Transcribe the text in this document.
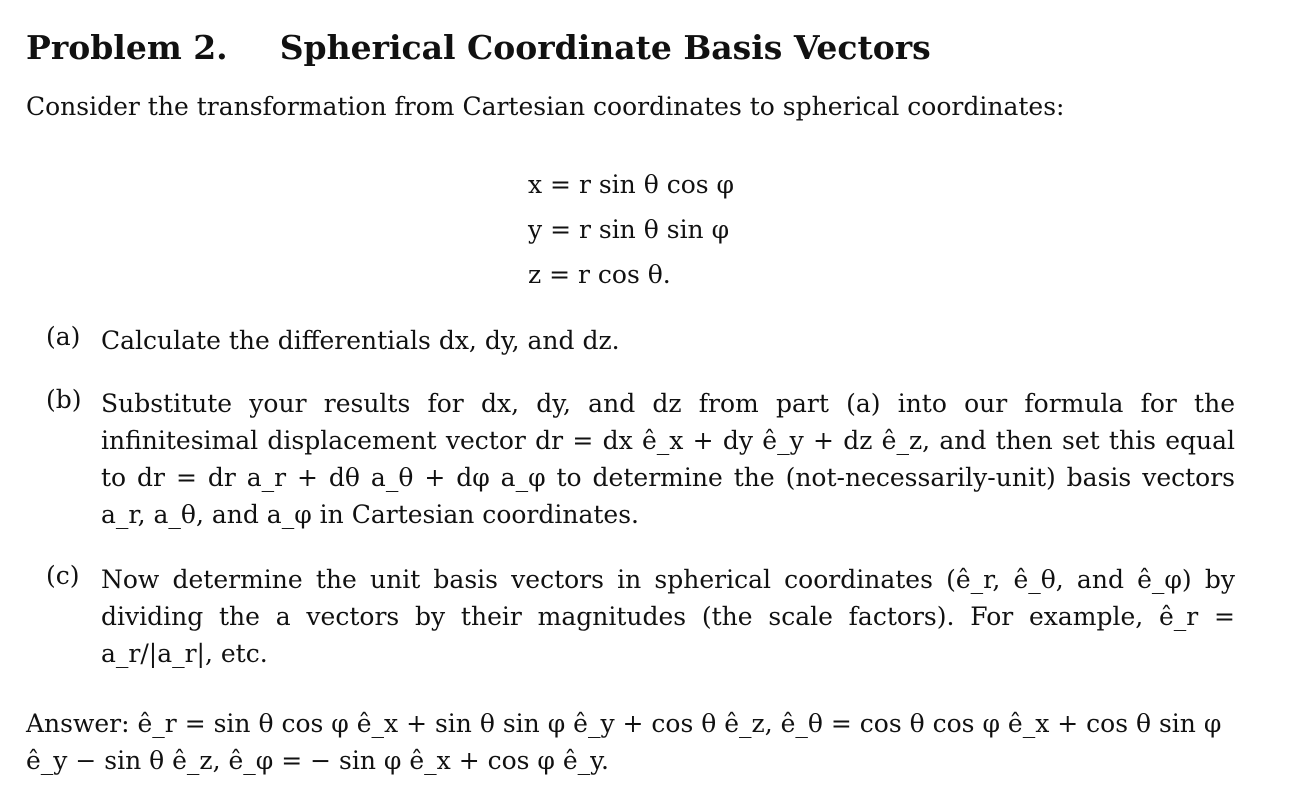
Problem 2. Spherical Coordinate Basis Vectors
Consider the transformation from Cartesian coordinates to spherical coordinates:
x = r sin θ cos φ
y = r sin θ sin φ
z = r cos θ.
(a) Calculate the differentials dx, dy, and dz.
(b) Substitute your results for dx, dy, and dz from part (a) into our formula for the infinitesimal displacement vector dr = dx ê_x + dy ê_y + dz ê_z, and then set this equal to dr = dr a_r + dθ a_θ + dφ a_φ to determine the (not-necessarily-unit) basis vectors a_r, a_θ, and a_φ in Cartesian coordinates.
(c) Now determine the unit basis vectors in spherical coordinates (ê_r, ê_θ, and ê_φ) by dividing the a vectors by their magnitudes (the scale factors). For example, ê_r = a_r/|a_r|, etc.
Answer: ê_r = sin θ cos φ ê_x + sin θ sin φ ê_y + cos θ ê_z, ê_θ = cos θ cos φ ê_x + cos θ sin φ ê_y − sin θ ê_z, ê_φ = − sin φ ê_x + cos φ ê_y.
